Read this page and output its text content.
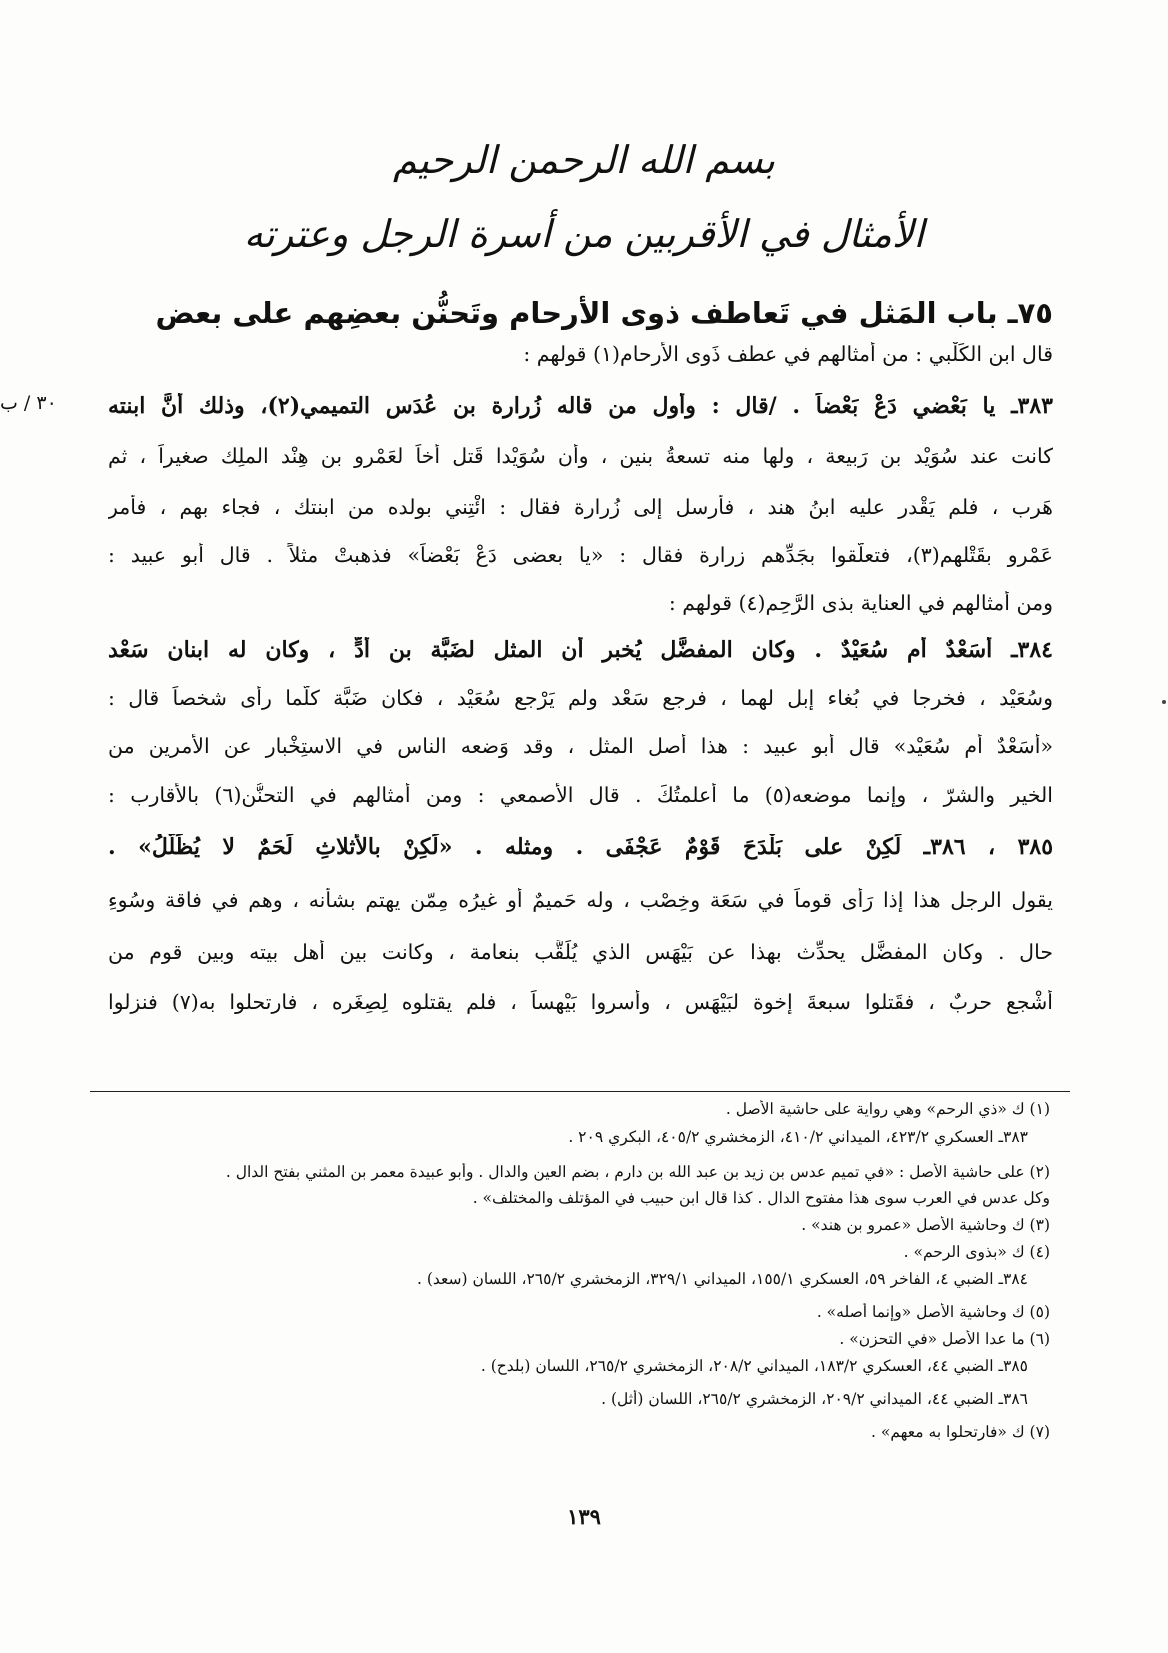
بسم الله الرحمن الرحيم
الأمثال في الأقربين من أسرة الرجل وعترته
٧٥ـ باب المَثل في تَعاطف ذوى الأرحام وتَحنُّن بعضِهم على بعض
٣٠ / ب
قال ابن الكَلْبي : من أمثالهم في عطف ذَوى الأرحام(١) قولهم :
٣٨٣ـ يا بَعْضي دَعْ بَعْضاً . /قال : وأول من قاله زُرارة بن عُدَس التميمي(٢)، وذلك أنَّ ابنته
كانت عند سُوَيْد بن رَبيعة ، ولها منه تسعةُ بنين ، وأن سُوَيْدا قَتل أخاً لعَمْرو بن هِنْد الملِك صغيراً ، ثم
هَرب ، فلم يَقْدر عليه ابنُ هند ، فأرسل إلى زُرارة فقال : ائْتِني بولده من ابنتك ، فجاء بهم ، فأمر
عَمْرو بقَتْلهم(٣)، فتعلّقوا بجَدِّهم زرارة فقال : «يا بعضى دَعْ بَعْضاً» فذهبتْ مثلاً . قال أبو عبيد :
ومن أمثالهم في العناية بذى الرَّحِم(٤) قولهم :
٣٨٤ـ أَسَعْدٌ أم سُعَيْدٌ . وكان المفضَّل يُخبر أن المثل لضَبَّة بن أُدٍّ ، وكان له ابنان سَعْد
وسُعَيْد ، فخرجا في بُغاء إبل لهما ، فرجع سَعْد ولم يَرْجع سُعَيْد ، فكان ضَبَّة كلَّما رأى شخصاً قال :
«أَسَعْدٌ أم سُعَيْد» قال أبو عبيد : هذا أصل المثل ، وقد وَضعه الناس في الاستِخْبار عن الأمرين من
الخير والشرّ ، وإنما موضعه(٥) ما أعلمتُكَ . قال الأصمعي : ومن أمثالهم في التحنُّن(٦) بالأقارب :
٣٨٥ ، ٣٨٦ـ لَكِنْ على بَلْدَحَ قَوْمٌ عَجْفَى . ومثله . «لَكِنْ بالأثلاثِ لَحَمٌ لا يُظَلَّلُ» .
يقول الرجل هذا إذا رَأى قوماً في سَعَة وخِصْب ، وله حَميمٌ أو غيرُه مِمّن يهتم بشأنه ، وهم في فاقة وسُوءِ
حال . وكان المفضَّل يحدِّث بهذا عن بَيْهَس الذي يُلَقَّب بنعامة ، وكانت بين أهل بيته وبين قوم من
أَشْجع حربٌ ، فقَتلوا سبعةَ إخوة لبَيْهَس ، وأسروا بَيْهساً ، فلم يقتلوه لِصِغَره ، فارتحلوا به(٧) فنزلوا
(١) ك «ذي الرحم» وهي رواية على حاشية الأصل .
٣٨٣ـ العسكري ٤٢٣/٢، الميداني ٤١٠/٢، الزمخشري ٤٠٥/٢، البكري ٢٠٩ .
(٢) على حاشية الأصل : «في تميم عدس بن زيد بن عبد الله بن دارم ، بضم العين والدال . وأبو عبيدة معمر بن المثني بفتح الدال .
وكل عدس في العرب سوى هذا مفتوح الدال . كذا قال ابن حبيب في المؤتلف والمختلف» .
(٣) ك وحاشية الأصل «عمرو بن هند» .
(٤) ك «بذوى الرحم» .
٣٨٤ـ الضبي ٤، الفاخر ٥٩، العسكري ١٥٥/١، الميداني ٣٢٩/١، الزمخشري ٢٦٥/٢، اللسان (سعد) .
(٥) ك وحاشية الأصل «وإنما أصله» .
(٦) ما عدا الأصل «في التحزن» .
٣٨٥ـ الضبي ٤٤، العسكري ١٨٣/٢، الميداني ٢٠٨/٢، الزمخشري ٢٦٥/٢، اللسان (بلدح) .
٣٨٦ـ الضبي ٤٤، الميداني ٢٠٩/٢، الزمخشري ٢٦٥/٢، اللسان (أثل) .
(٧) ك «فارتحلوا به معهم» .
١٣٩
